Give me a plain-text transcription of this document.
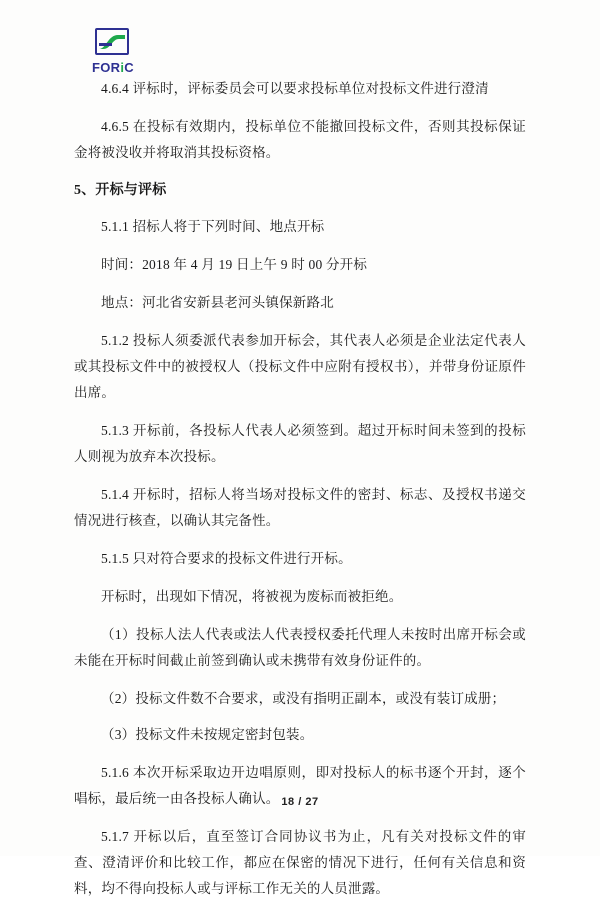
FORiC

4.6.4 评标时，评标委员会可以要求投标单位对投标文件进行澄清

4.6.5 在投标有效期内，投标单位不能撤回投标文件，否则其投标保证金将被没收并将取消其投标资格。

5、开标与评标

5.1.1 招标人将于下列时间、地点开标

时间：2018 年 4 月 19 日上午 9 时 00 分开标

地点：河北省安新县老河头镇保新路北

5.1.2 投标人须委派代表参加开标会，其代表人必须是企业法定代表人或其投标文件中的被授权人（投标文件中应附有授权书），并带身份证原件出席。

5.1.3 开标前，各投标人代表人必须签到。超过开标时间未签到的投标人则视为放弃本次投标。

5.1.4 开标时，招标人将当场对投标文件的密封、标志、及授权书递交情况进行核查，以确认其完备性。

5.1.5 只对符合要求的投标文件进行开标。

开标时，出现如下情况，将被视为废标而被拒绝。

（1）投标人法人代表或法人代表授权委托代理人未按时出席开标会或未能在开标时间截止前签到确认或未携带有效身份证件的。

（2）投标文件数不合要求，或没有指明正副本，或没有装订成册；

（3）投标文件未按规定密封包装。

5.1.6 本次开标采取边开边唱原则，即对投标人的标书逐个开封，逐个唱标，最后统一由各投标人确认。

5.1.7 开标以后，直至签订合同协议书为止，凡有关对投标文件的审查、澄清评价和比较工作，都应在保密的情况下进行，任何有关信息和资料，均不得向投标人或与评标工作无关的人员泄露。

18 / 27
